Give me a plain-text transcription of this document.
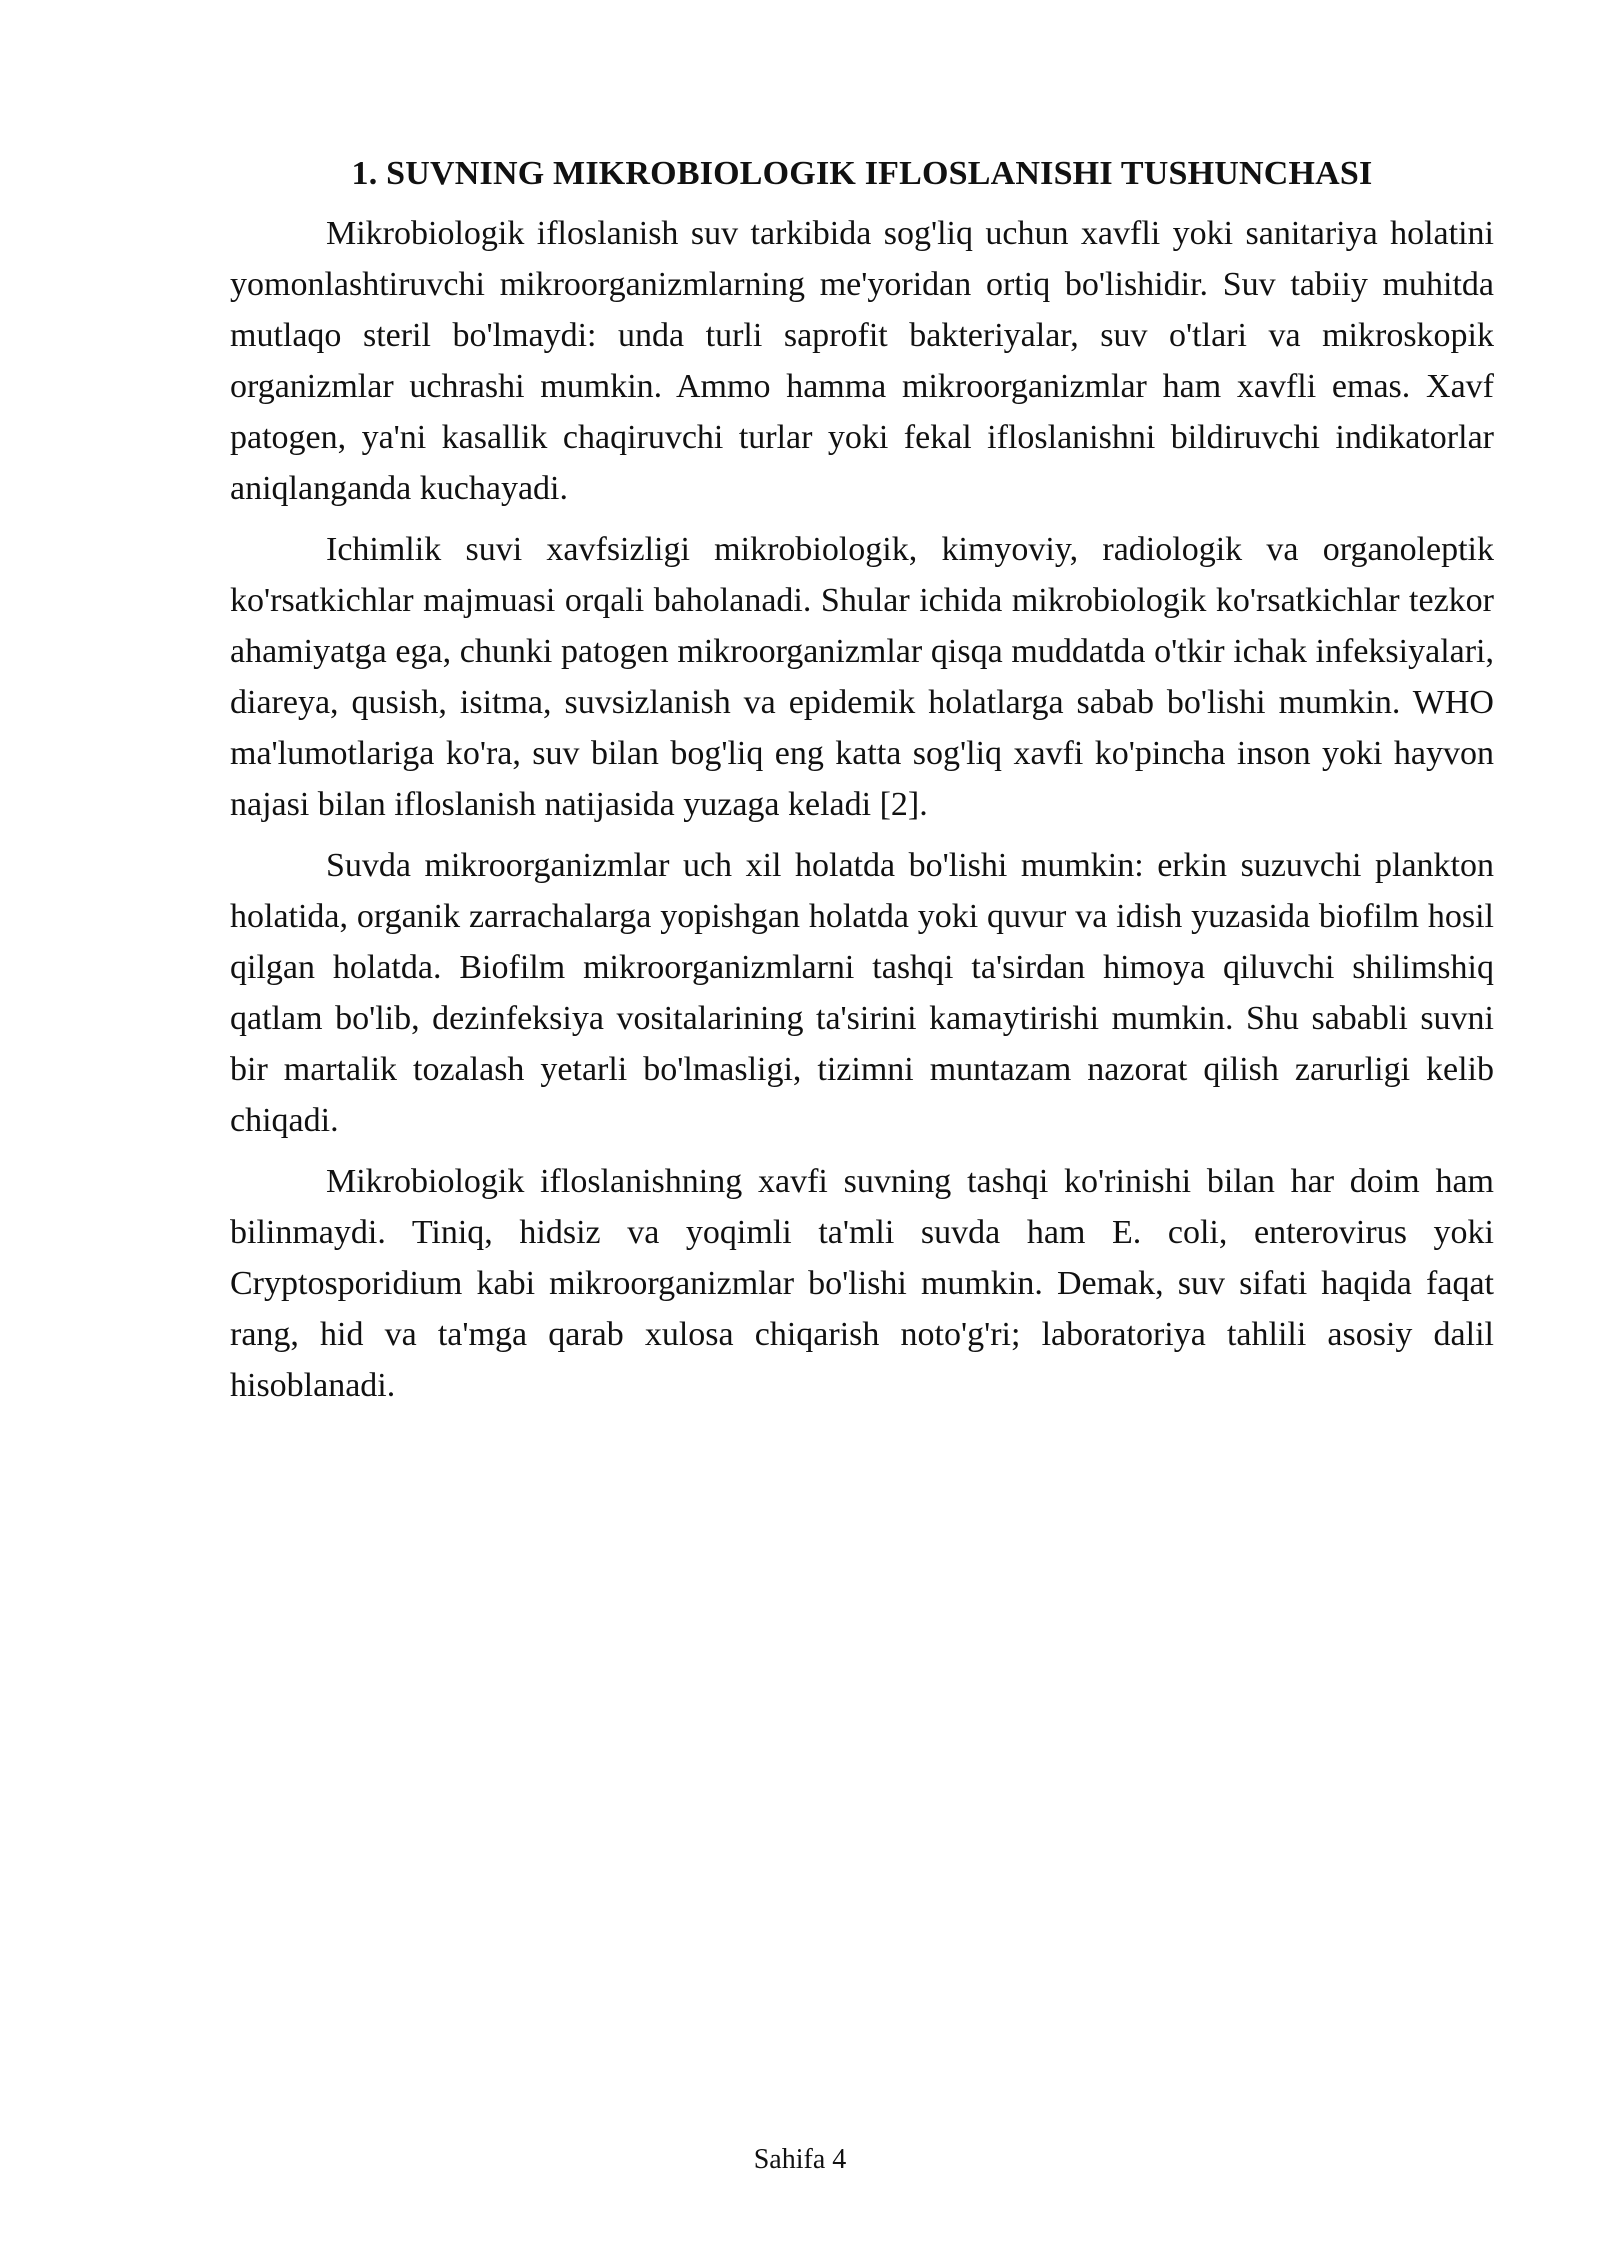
1. SUVNING MIKROBIOLOGIK IFLOSLANISHI TUSHUNCHASI

Mikrobiologik ifloslanish suv tarkibida sog'liq uchun xavfli yoki sanitariya holatini yomonlashtiruvchi mikroorganizmlarning me'yoridan ortiq bo'lishidir. Suv tabiiy muhitda mutlaqo steril bo'lmaydi: unda turli saprofit bakteriyalar, suv o'tlari va mikroskopik organizmlar uchrashi mumkin. Ammo hamma mikroorganizmlar ham xavfli emas. Xavf patogen, ya'ni kasallik chaqiruvchi turlar yoki fekal ifloslanishni bildiruvchi indikatorlar aniqlanganda kuchayadi.

Ichimlik suvi xavfsizligi mikrobiologik, kimyoviy, radiologik va organoleptik ko'rsatkichlar majmuasi orqali baholanadi. Shular ichida mikrobiologik ko'rsatkichlar tezkor ahamiyatga ega, chunki patogen mikroorganizmlar qisqa muddatda o'tkir ichak infeksiyalari, diareya, qusish, isitma, suvsizlanish va epidemik holatlarga sabab bo'lishi mumkin. WHO ma'lumotlariga ko'ra, suv bilan bog'liq eng katta sog'liq xavfi ko'pincha inson yoki hayvon najasi bilan ifloslanish natijasida yuzaga keladi [2].

Suvda mikroorganizmlar uch xil holatda bo'lishi mumkin: erkin suzuvchi plankton holatida, organik zarrachalarga yopishgan holatda yoki quvur va idish yuzasida biofilm hosil qilgan holatda. Biofilm mikroorganizmlarni tashqi ta'sirdan himoya qiluvchi shilimshiq qatlam bo'lib, dezinfeksiya vositalarining ta'sirini kamaytirishi mumkin. Shu sababli suvni bir martalik tozalash yetarli bo'lmasligi, tizimni muntazam nazorat qilish zarurligi kelib chiqadi.

Mikrobiologik ifloslanishning xavfi suvning tashqi ko'rinishi bilan har doim ham bilinmaydi. Tiniq, hidsiz va yoqimli ta'mli suvda ham E. coli, enterovirus yoki Cryptosporidium kabi mikroorganizmlar bo'lishi mumkin. Demak, suv sifati haqida faqat rang, hid va ta'mga qarab xulosa chiqarish noto'g'ri; laboratoriya tahlili asosiy dalil hisoblanadi.

Sahifa 4
